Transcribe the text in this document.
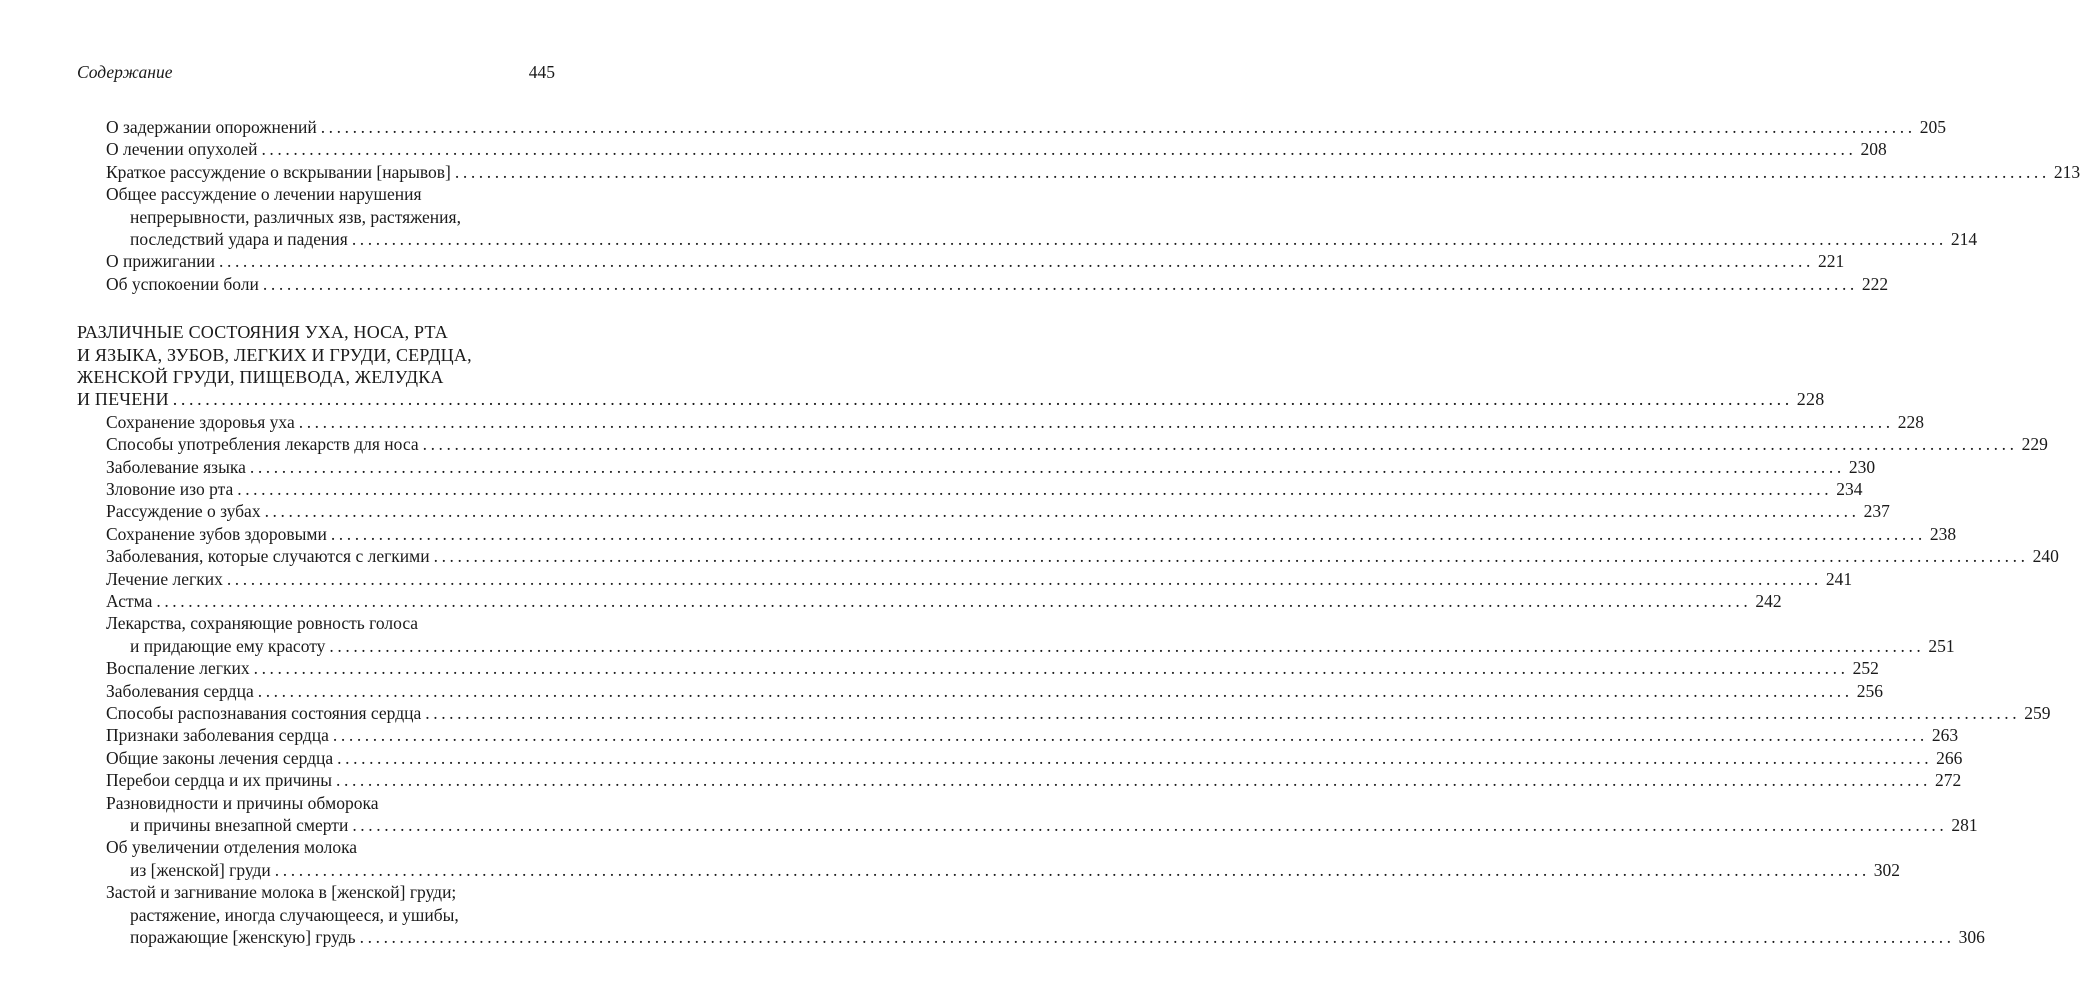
Содержание	445
О задержании опорожнений ........................................................................................................................................................................................................ 205
О лечении опухолей ........................................................................................................................................................................................................ 208
Краткое рассуждение о вскрывании [нарывов] ........................................................................................................................................................................................................ 213
Общее рассуждение о лечении нарушения
непрерывности, различных язв, растяжения,
последствий удара и падения ........................................................................................................................................................................................................ 214
О прижигании ........................................................................................................................................................................................................ 221
Об успокоении боли ........................................................................................................................................................................................................ 222
РАЗЛИЧНЫЕ СОСТОЯНИЯ УХА, НОСА, РТА
И ЯЗЫКА, ЗУБОВ, ЛЕГКИХ И ГРУДИ, СЕРДЦА,
ЖЕНСКОЙ ГРУДИ, ПИЩЕВОДА, ЖЕЛУДКА
И ПЕЧЕНИ ........................................................................................................................................................................................................ 228
Сохранение здоровья уха ........................................................................................................................................................................................................ 228
Способы употребления лекарств для носа ........................................................................................................................................................................................................ 229
Заболевание языка ........................................................................................................................................................................................................ 230
Зловоние изо рта ........................................................................................................................................................................................................ 234
Рассуждение о зубах ........................................................................................................................................................................................................ 237
Сохранение зубов здоровыми ........................................................................................................................................................................................................ 238
Заболевания, которые случаются с легкими ........................................................................................................................................................................................................ 240
Лечение легких ........................................................................................................................................................................................................ 241
Астма ........................................................................................................................................................................................................ 242
Лекарства, сохраняющие ровность голоса
и придающие ему красоту ........................................................................................................................................................................................................ 251
Воспаление легких ........................................................................................................................................................................................................ 252
Заболевания сердца ........................................................................................................................................................................................................ 256
Способы распознавания состояния сердца ........................................................................................................................................................................................................ 259
Признаки заболевания сердца ........................................................................................................................................................................................................ 263
Общие законы лечения сердца ........................................................................................................................................................................................................ 266
Перебои сердца и их причины ........................................................................................................................................................................................................ 272
Разновидности и причины обморока
и причины внезапной смерти ........................................................................................................................................................................................................ 281
Об увеличении отделения молока
из [женской] груди ........................................................................................................................................................................................................ 302
Застой и загнивание молока в [женской] груди;
растяжение, иногда случающееся, и ушибы,
поражающие [женскую] грудь ........................................................................................................................................................................................................ 306
